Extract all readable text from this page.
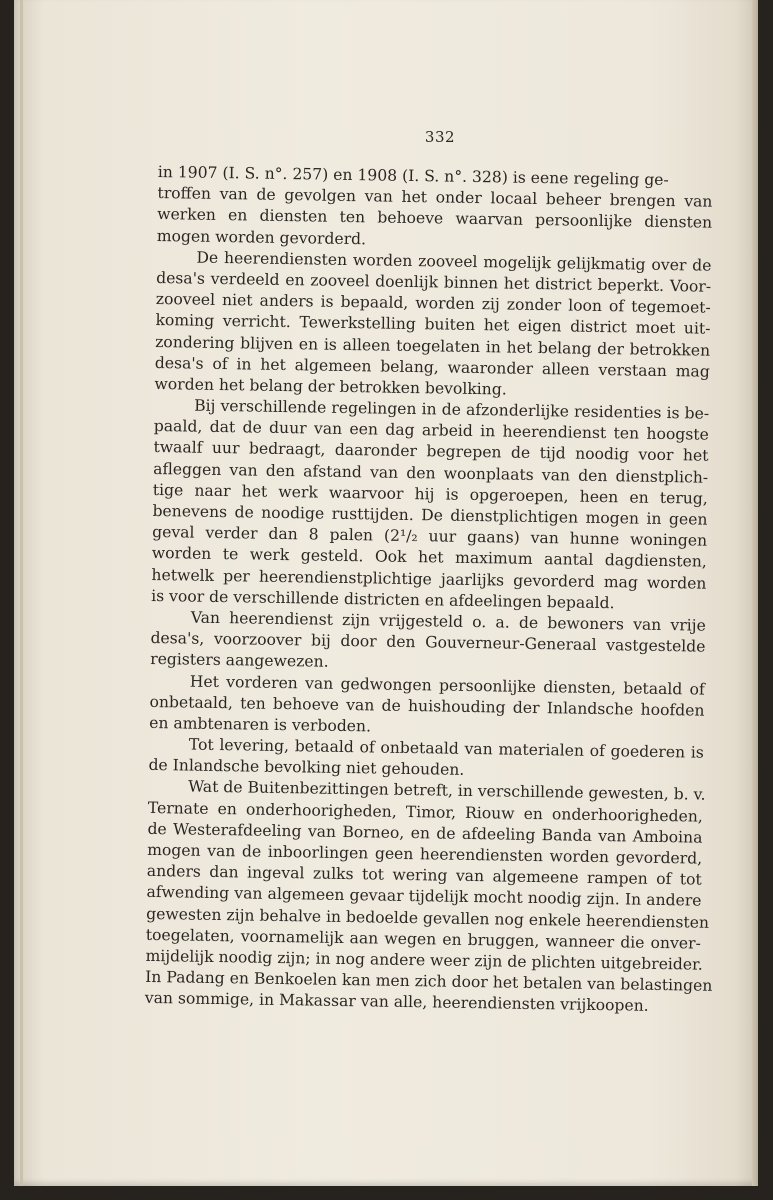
332
in 1907 (I. S. n°. 257) en 1908 (I. S. n°. 328) is eene regeling ge-
troffen van de gevolgen van het onder locaal beheer brengen van
werken en diensten ten behoeve waarvan persoonlijke diensten
mogen worden gevorderd.
De heerendiensten worden zooveel mogelijk gelijkmatig over de
desa's verdeeld en zooveel doenlijk binnen het district beperkt. Voor-
zooveel niet anders is bepaald, worden zij zonder loon of tegemoet-
koming verricht. Tewerkstelling buiten het eigen district moet uit-
zondering blijven en is alleen toegelaten in het belang der betrokken
desa's of in het algemeen belang, waaronder alleen verstaan mag
worden het belang der betrokken bevolking.
Bij verschillende regelingen in de afzonderlijke residenties is be-
paald, dat de duur van een dag arbeid in heerendienst ten hoogste
twaalf uur bedraagt, daaronder begrepen de tijd noodig voor het
afleggen van den afstand van den woonplaats van den dienstplich-
tige naar het werk waarvoor hij is opgeroepen, heen en terug,
benevens de noodige rusttijden. De dienstplichtigen mogen in geen
geval verder dan 8 palen (2¹/₂ uur gaans) van hunne woningen
worden te werk gesteld. Ook het maximum aantal dagdiensten,
hetwelk per heerendienstplichtige jaarlijks gevorderd mag worden
is voor de verschillende districten en afdeelingen bepaald.
Van heerendienst zijn vrijgesteld o. a. de bewoners van vrije
desa's, voorzoover bij door den Gouverneur-Generaal vastgestelde
registers aangewezen.
Het vorderen van gedwongen persoonlijke diensten, betaald of
onbetaald, ten behoeve van de huishouding der Inlandsche hoofden
en ambtenaren is verboden.
Tot levering, betaald of onbetaald van materialen of goederen is
de Inlandsche bevolking niet gehouden.
Wat de Buitenbezittingen betreft, in verschillende gewesten, b. v.
Ternate en onderhoorigheden, Timor, Riouw en onderhoorigheden,
de Westerafdeeling van Borneo, en de afdeeling Banda van Amboina
mogen van de inboorlingen geen heerendiensten worden gevorderd,
anders dan ingeval zulks tot wering van algemeene rampen of tot
afwending van algemeen gevaar tijdelijk mocht noodig zijn. In andere
gewesten zijn behalve in bedoelde gevallen nog enkele heerendiensten
toegelaten, voornamelijk aan wegen en bruggen, wanneer die onver-
mijdelijk noodig zijn; in nog andere weer zijn de plichten uitgebreider.
In Padang en Benkoelen kan men zich door het betalen van belastingen
van sommige, in Makassar van alle, heerendiensten vrijkoopen.
